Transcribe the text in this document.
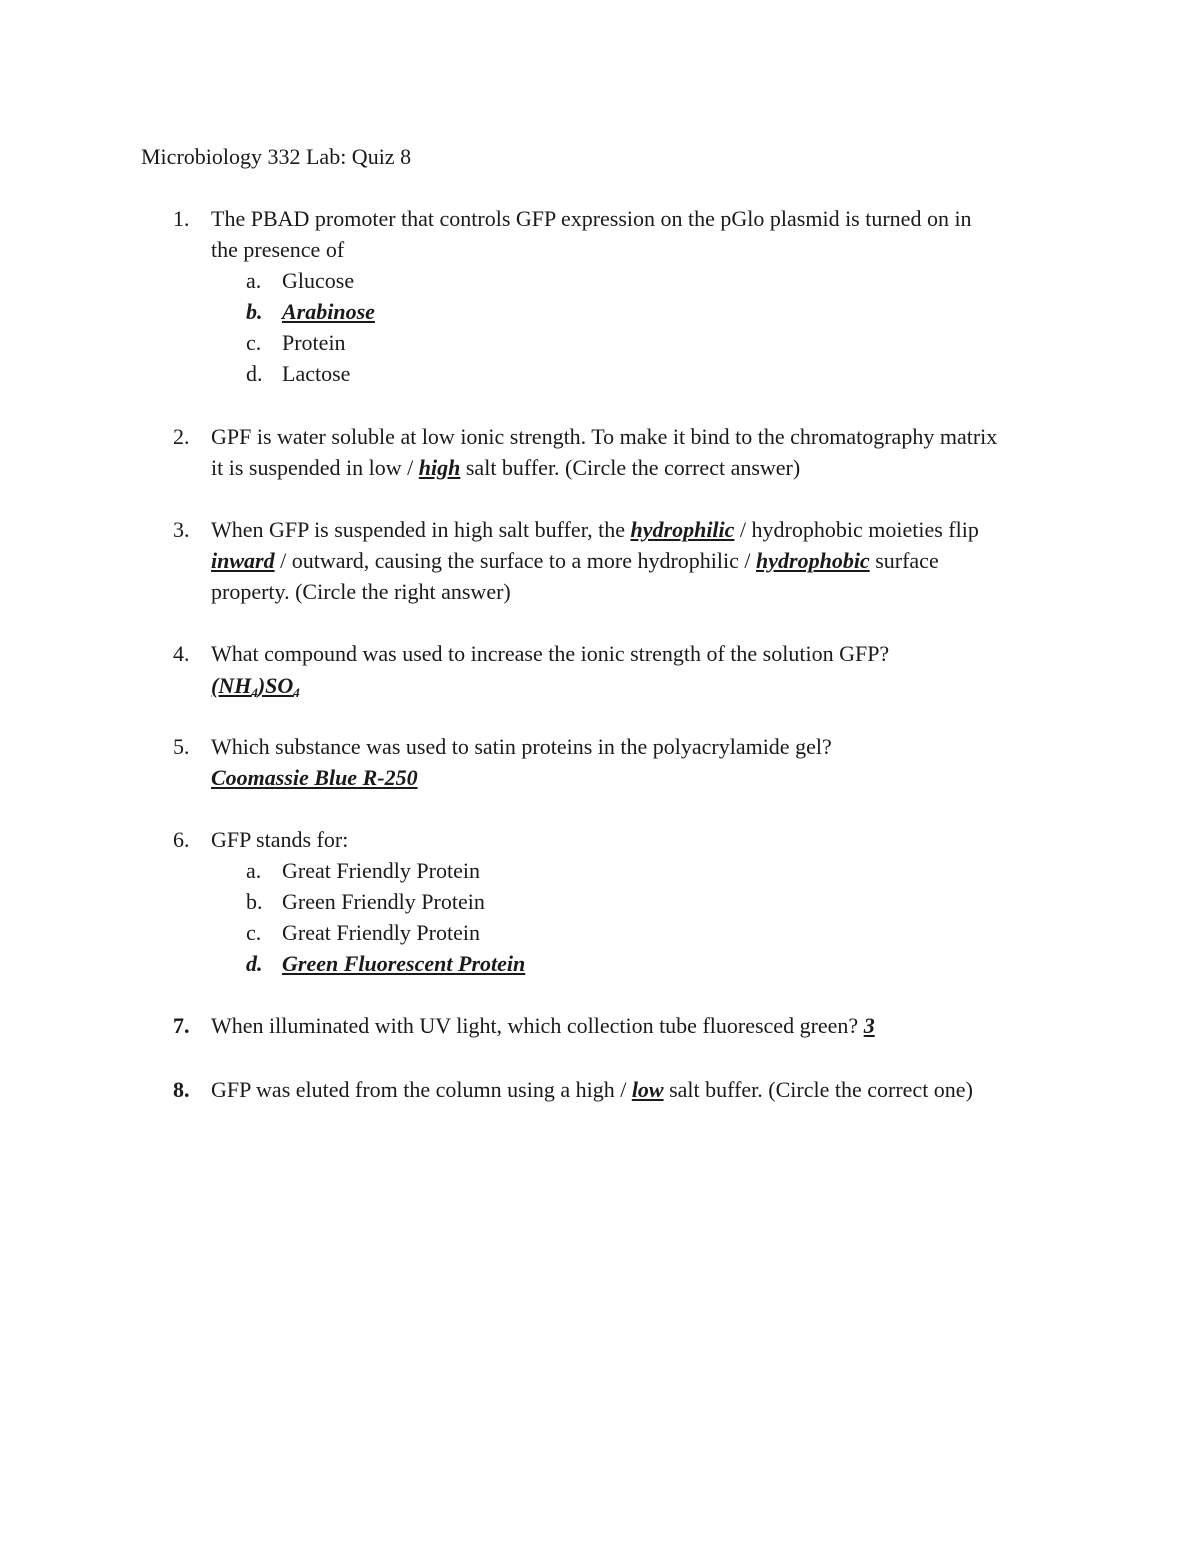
Microbiology 332 Lab: Quiz 8
1. The PBAD promoter that controls GFP expression on the pGlo plasmid is turned on in
the presence of
a. Glucose
b. Arabinose
c. Protein
d. Lactose
2. GPF is water soluble at low ionic strength. To make it bind to the chromatography matrix
it is suspended in low / high salt buffer. (Circle the correct answer)
3. When GFP is suspended in high salt buffer, the hydrophilic / hydrophobic moieties flip
inward / outward, causing the surface to a more hydrophilic / hydrophobic surface
property. (Circle the right answer)
4. What compound was used to increase the ionic strength of the solution GFP?
$(NH_4)SO_4$
5. Which substance was used to satin proteins in the polyacrylamide gel?
Coomassie Blue R-250
6. GFP stands for:
a. Great Friendly Protein
b. Green Friendly Protein
c. Great Friendly Protein
d. Green Fluorescent Protein
7. When illuminated with UV light, which collection tube fluoresced green? 3
8. GFP was eluted from the column using a high / low salt buffer. (Circle the correct one)
